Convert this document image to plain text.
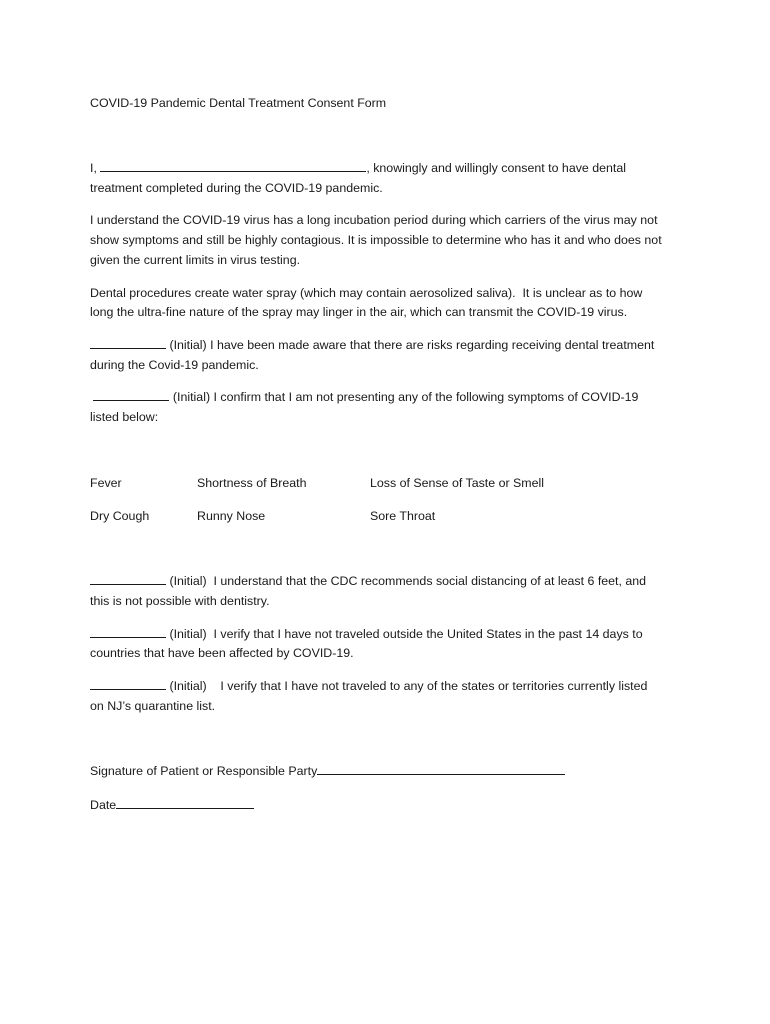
COVID-19 Pandemic Dental Treatment Consent Form
I,	, knowingly and willingly consent to have dental
treatment completed during the COVID-19 pandemic.
I understand the COVID-19 virus has a long incubation period during which carriers of the virus may not
show symptoms and still be highly contagious. It is impossible to determine who has it and who does not
given the current limits in virus testing.
Dental procedures create water spray (which may contain aerosolized saliva).  It is unclear as to how
long the ultra-fine nature of the spray may linger in the air, which can transmit the COVID-19 virus.
(Initial) I have been made aware that there are risks regarding receiving dental treatment
during the Covid-19 pandemic.
(Initial) I confirm that I am not presenting any of the following symptoms of COVID-19
listed below:
Fever	Shortness of Breath	Loss of Sense of Taste or Smell
Dry Cough	Runny Nose	Sore Throat
(Initial)  I understand that the CDC recommends social distancing of at least 6 feet, and
this is not possible with dentistry.
(Initial)  I verify that I have not traveled outside the United States in the past 14 days to
countries that have been affected by COVID-19.
(Initial)    I verify that I have not traveled to any of the states or territories currently listed
on NJ’s quarantine list.
Signature of Patient or Responsible Party
Date
